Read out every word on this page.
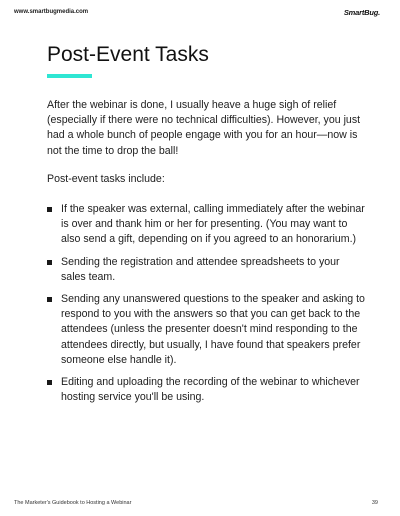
www.smartbugmedia.com	SmartBug.
Post-Event Tasks

After the webinar is done, I usually heave a huge sigh of relief (especially if there were no technical difficulties). However, you just had a whole bunch of people engage with you for an hour—now is not the time to drop the ball!

Post-event tasks include:

If the speaker was external, calling immediately after the webinar is over and thank him or her for presenting. (You may want to also send a gift, depending on if you agreed to an honorarium.)
Sending the registration and attendee spreadsheets to your sales team.
Sending any unanswered questions to the speaker and asking to respond to you with the answers so that you can get back to the attendees (unless the presenter doesn't mind responding to the attendees directly, but usually, I have found that speakers prefer someone else handle it).
Editing and uploading the recording of the webinar to whichever hosting service you'll be using.
The Marketer's Guidebook to Hosting a Webinar	39
